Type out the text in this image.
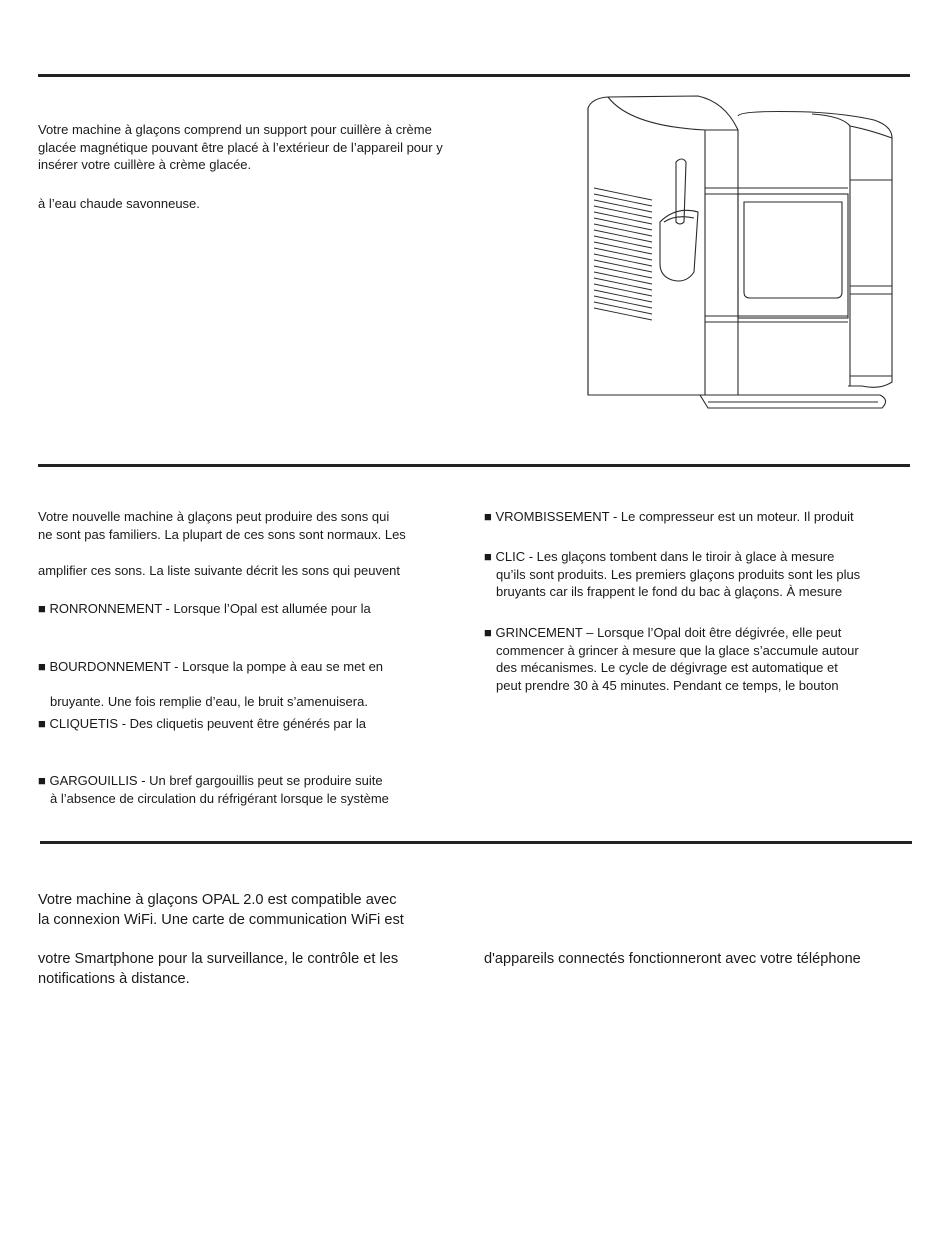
Votre machine à glaçons comprend un support pour cuillère à crème
glacée magnétique pouvant être placé à l’extérieur de l’appareil pour y
insérer votre cuillère à crème glacée.

à l’eau chaude savonneuse.

Votre nouvelle machine à glaçons peut produire des sons qui
ne sont pas familiers. La plupart de ces sons sont normaux. Les

amplifier ces sons. La liste suivante décrit les sons qui peuvent

■ RONRONNEMENT - Lorsque l’Opal est allumée pour la

■ BOURDONNEMENT - Lorsque la pompe à eau se met en

bruyante. Une fois remplie d’eau, le bruit s’amenuisera.

■ CLIQUETIS - Des cliquetis peuvent être générés par la

■ GARGOUILLIS - Un bref gargouillis peut se produire suite
à l’absence de circulation du réfrigérant lorsque le système

■ VROMBISSEMENT - Le compresseur est un moteur. Il produit

■ CLIC - Les glaçons tombent dans le tiroir à glace à mesure
qu’ils sont produits. Les premiers glaçons produits sont les plus
bruyants car ils frappent le fond du bac à glaçons. À mesure

■ GRINCEMENT – Lorsque l’Opal doit être dégivrée, elle peut
commencer à grincer à mesure que la glace s’accumule autour
des mécanismes. Le cycle de dégivrage est automatique et
peut prendre 30 à 45 minutes. Pendant ce temps, le bouton

Votre machine à glaçons OPAL 2.0 est compatible avec
la connexion WiFi. Une carte de communication WiFi est

votre Smartphone pour la surveillance, le contrôle et les
notifications à distance.

d'appareils connectés fonctionneront avec votre téléphone
